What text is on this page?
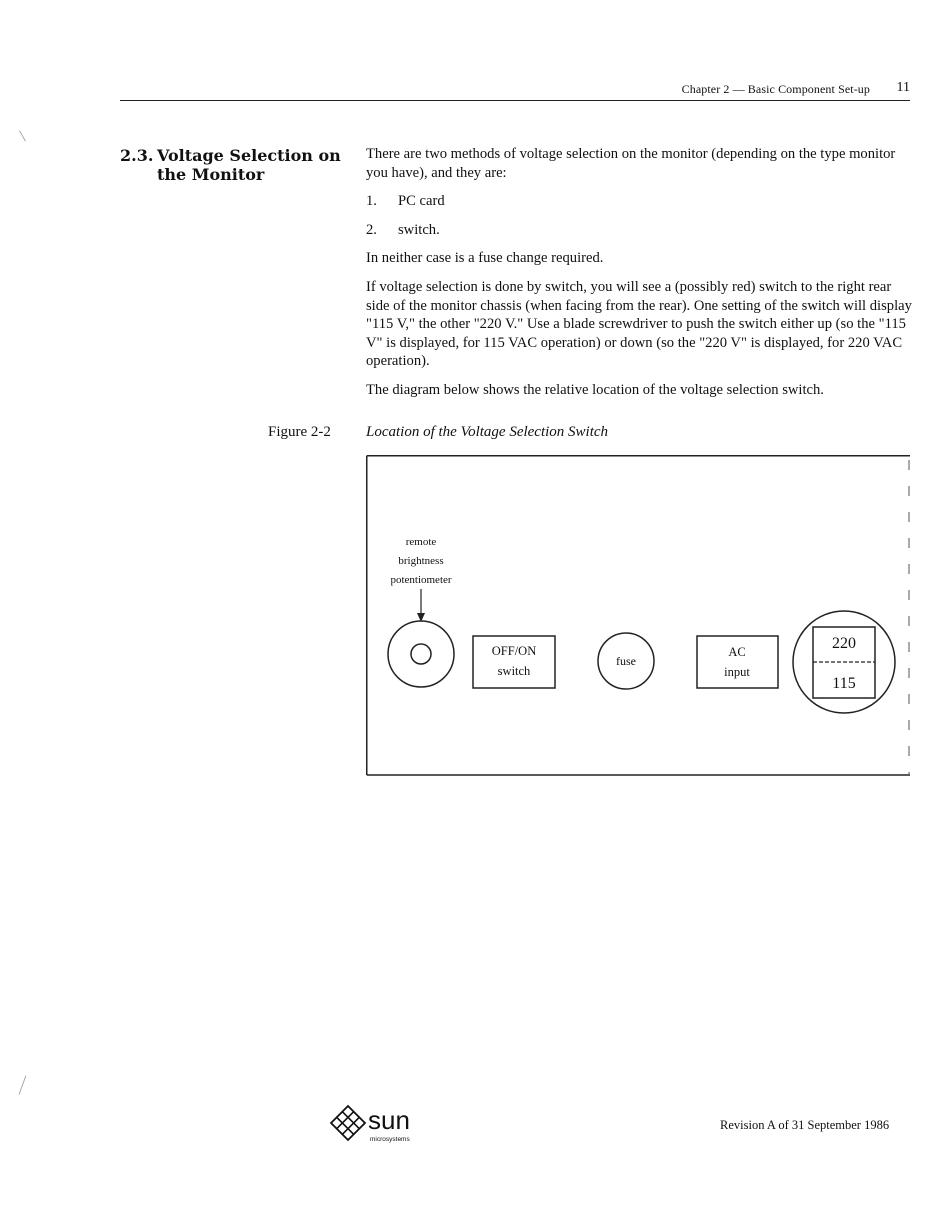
Chapter 2 — Basic Component Set-up 11
2.3. Voltage Selection on the Monitor

There are two methods of voltage selection on the monitor (depending on the type monitor you have), and they are:

1. PC card
2. switch.

In neither case is a fuse change required.

If voltage selection is done by switch, you will see a (possibly red) switch to the right rear side of the monitor chassis (when facing from the rear). One setting of the switch will display "115 V," the other "220 V." Use a blade screwdriver to push the switch either up (so the "115 V" is displayed, for 115 VAC operation) or down (so the "220 V" is displayed, for 220 VAC operation).

The diagram below shows the relative location of the voltage selection switch.

Figure 2-2 Location of the Voltage Selection Switch
remote
brightness
potentiometer
OFF/ON
switch
fuse
AC
input
220
115
sun
microsystems
Revision A of 31 September 1986
